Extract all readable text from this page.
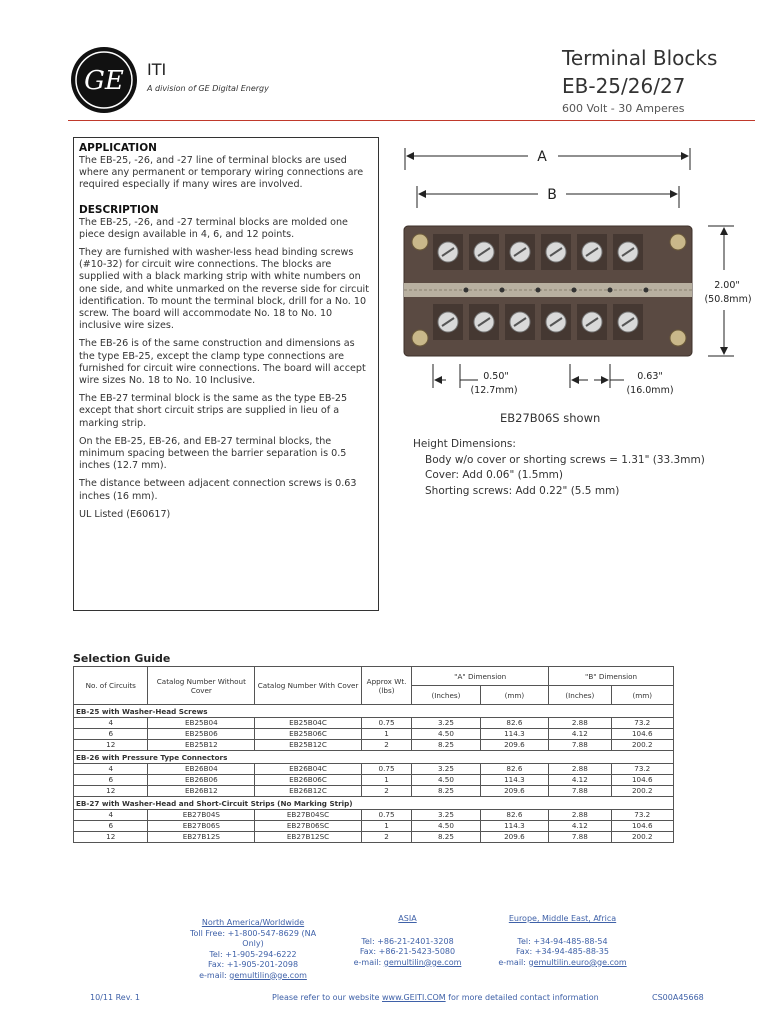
GE ITI
A division of GE Digital Energy
Terminal Blocks
EB-25/26/27
600 Volt - 30 Amperes
APPLICATION

The EB-25, -26, and -27 line of terminal blocks are used where any permanent or temporary wiring connections are required especially if many wires are involved.

DESCRIPTION

The EB-25, -26, and -27 terminal blocks are molded one piece design available in 4, 6, and 12 points.

They are furnished with washer-less head binding screws (#10-32) for circuit wire connections. The blocks are supplied with a black marking strip with white numbers on one side, and white unmarked on the reverse side for circuit identification. To mount the terminal block, drill for a No. 10 screw. The board will accommodate No. 18 to No. 10 inclusive wire sizes.

The EB-26 is of the same construction and dimensions as the type EB-25, except the clamp type connections are furnished for circuit wire connections. The board will accept wire sizes No. 18 to No. 10 Inclusive.

The EB-27 terminal block is the same as the type EB-25 except that short circuit strips are supplied in lieu of a marking strip.

On the EB-25, EB-26, and EB-27 terminal blocks, the minimum spacing between the barrier separation is 0.5 inches (12.7 mm).

The distance between adjacent connection screws is 0.63 inches (16 mm).

UL Listed (E60617)

A
B
2.00"
(50.8mm)
0.50"
(12.7mm)
0.63"
(16.0mm)
EB27B06S shown
Height Dimensions:
Body w/o cover or shorting screws = 1.31" (33.3mm)
Cover: Add 0.06" (1.5mm)
Shorting screws: Add 0.22" (5.5 mm)
Selection Guide
No. of Circuits	Catalog Number Without Cover	Catalog Number With Cover	Approx Wt. (lbs)	"A" Dimension		"B" Dimension	
				(Inches)	(mm)	(Inches)	(mm)
EB-25 with Washer-Head Screws							
4	EB25B04	EB25B04C	0.75	3.25	82.6	2.88	73.2
6	EB25B06	EB25B06C	1	4.50	114.3	4.12	104.6
12	EB25B12	EB25B12C	2	8.25	209.6	7.88	200.2
EB-26 with Pressure Type Connectors							
4	EB26B04	EB26B04C	0.75	3.25	82.6	2.88	73.2
6	EB26B06	EB26B06C	1	4.50	114.3	4.12	104.6
12	EB26B12	EB26B12C	2	8.25	209.6	7.88	200.2
EB-27 with Washer-Head and Short-Circuit Strips (No Marking Strip)							
4	EB27B04S	EB27B04SC	0.75	3.25	82.6	2.88	73.2
6	EB27B06S	EB27B06SC	1	4.50	114.3	4.12	104.6
12	EB27B12S	EB27B12SC	2	8.25	209.6	7.88	200.2
North America/Worldwide
Toll Free: +1-800-547-8629 (NA Only)
Tel: +1-905-294-6222
Fax: +1-905-201-2098
e-mail: gemultilin@ge.com
ASIA
Tel: +86-21-2401-3208
Fax: +86-21-5423-5080
e-mail: gemultilin@ge.com
Europe, Middle East, Africa
Tel: +34-94-485-88-54
Fax: +34-94-485-88-35
e-mail: gemultilin.euro@ge.com
10/11 Rev. 1	Please refer to our website www.GEITI.COM for more detailed contact information	CS00A45668
